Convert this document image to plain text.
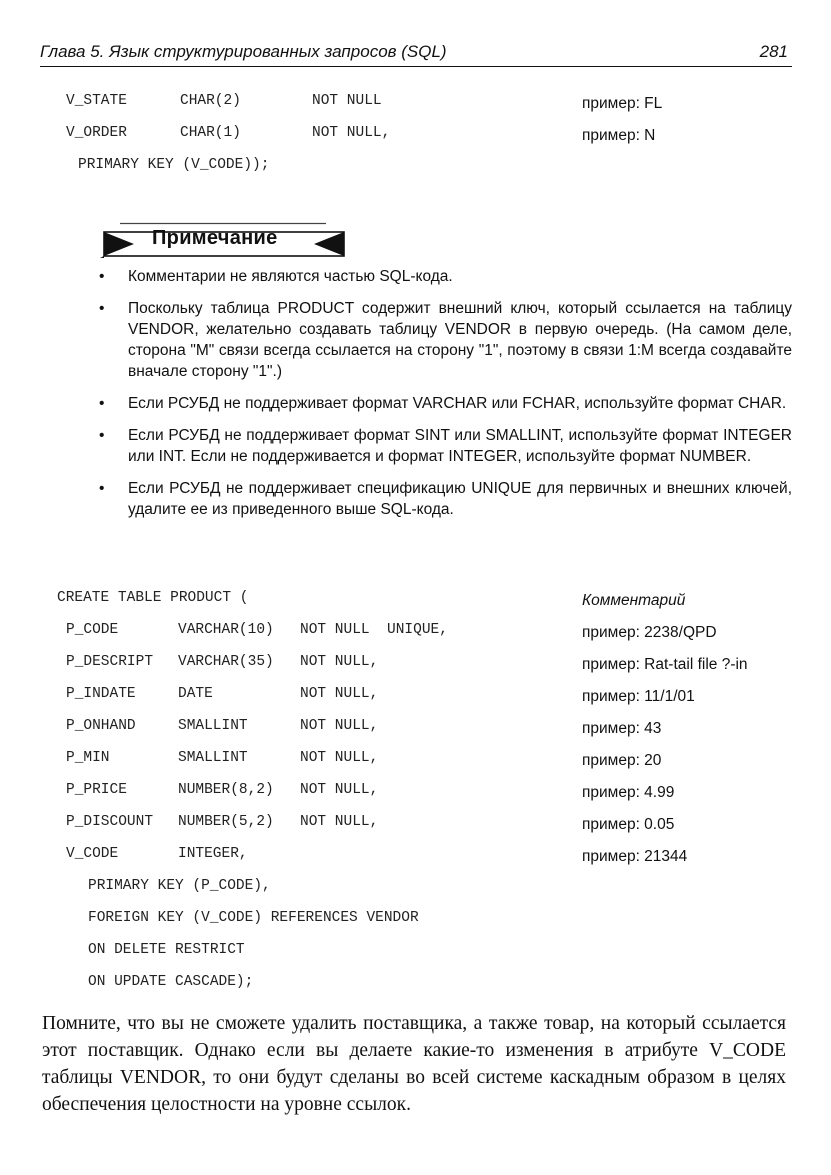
Глава 5. Язык структурированных запросов (SQL)	281
V_STATE	CHAR(2)	NOT NULL	пример: FL
V_ORDER	CHAR(1)	NOT NULL,	пример: N
PRIMARY KEY (V_CODE));
Примечание
• Комментарии не являются частью SQL-кода.
• Поскольку таблица PRODUCT содержит внешний ключ, который ссылается на таблицу VENDOR, желательно создавать таблицу VENDOR в первую очередь. (На самом деле, сторона "М" связи всегда ссылается на сторону "1", поэтому в связи 1:М всегда создавайте вначале сторону "1".)
• Если РСУБД не поддерживает формат VARCHAR или FCHAR, используйте формат CHAR.
• Если РСУБД не поддерживает формат SINT или SMALLINT, используйте формат INTEGER или INT. Если не поддерживается и формат INTEGER, используйте формат NUMBER.
• Если РСУБД не поддерживает спецификацию UNIQUE для первичных и внешних ключей, удалите ее из приведенного выше SQL-кода.
CREATE TABLE PRODUCT (	Комментарий
P_CODE	VARCHAR(10) NOT NULL  UNIQUE,	пример: 2238/QPD
P_DESCRIPT VARCHAR(35) NOT NULL,	пример: Rat-tail file ?-in
P_INDATE	DATE	NOT NULL,	пример: 11/1/01
P_ONHAND	SMALLINT	NOT NULL,	пример: 43
P_MIN	SMALLINT	NOT NULL,	пример: 20
P_PRICE	NUMBER(8,2) NOT NULL,	пример: 4.99
P_DISCOUNT NUMBER(5,2) NOT NULL,	пример: 0.05
V_CODE	INTEGER,	пример: 21344
PRIMARY KEY (P_CODE),
FOREIGN KEY (V_CODE) REFERENCES VENDOR
ON DELETE RESTRICT
ON UPDATE CASCADE);

Помните, что вы не сможете удалить поставщика, а также товар, на который ссылается этот поставщик. Однако если вы делаете какие-то изменения в атрибуте V_CODE таблицы VENDOR, то они будут сделаны во всей системе каскадным образом в целях обеспечения целостности на уровне ссылок.
